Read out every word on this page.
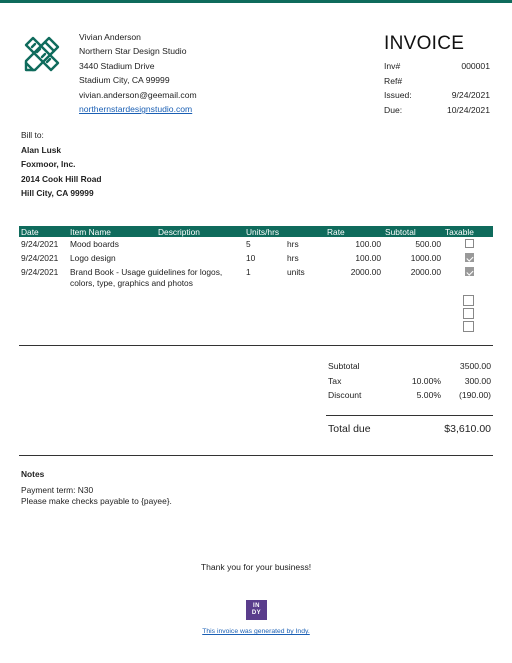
Vivian Anderson
Northern Star Design Studio
3440 Stadium Drive
Stadium City, CA 99999
vivian.anderson@geemail.com
northernstardesignstudio.com
INVOICE
Inv#	000001
Ref#
Issued:	9/24/2021
Due:	10/24/2021
Bill to:
Alan Lusk
Foxmoor, Inc.
2014 Cook Hill Road
Hill City, CA 99999
Date	Item Name	Description	Units/hrs		Rate	Subtotal	Taxable
9/24/2021	Mood boards		5	hrs	100.00	500.00	
9/24/2021	Logo design		10	hrs	100.00	1000.00	
9/24/2021	Brand Book - Usage guidelines for logos, colors, type, graphics and photos		1	units	2000.00	2000.00	
Subtotal	3500.00
Tax	10.00%	300.00
Discount	5.00%	(190.00)
Total due	$3,610.00
Notes
Payment term: N30
Please make checks payable to {payee}.
Thank you for your business!
IN
DY
This invoice was generated by Indy.
